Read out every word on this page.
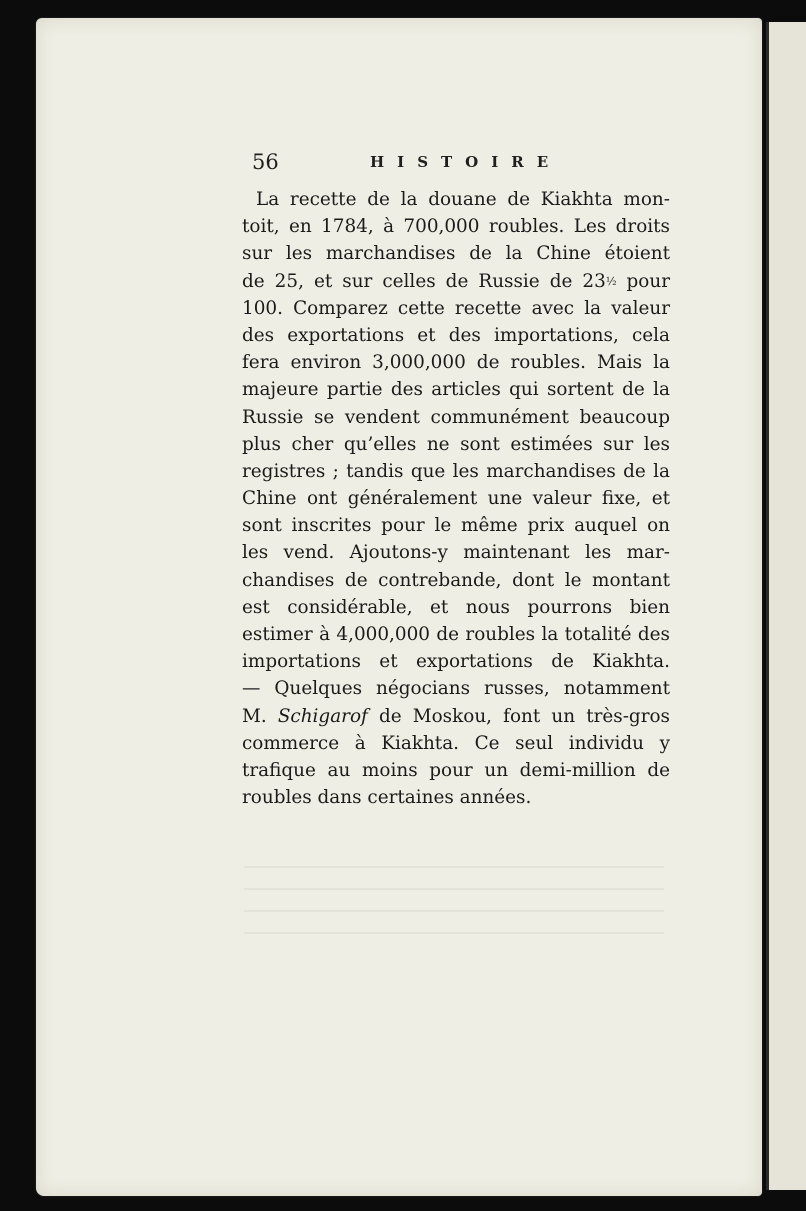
56	HISTOIRE
La recette de la douane de Kiakhta mon-
toit, en 1784, à 700,000 roubles. Les droits
sur les marchandises de la Chine étoient
de 25, et sur celles de Russie de 23½ pour
100. Comparez cette recette avec la valeur
des exportations et des importations, cela
fera environ 3,000,000 de roubles. Mais la
majeure partie des articles qui sortent de la
Russie se vendent communément beaucoup
plus cher qu’elles ne sont estimées sur les
registres ; tandis que les marchandises de la
Chine ont généralement une valeur fixe, et
sont inscrites pour le même prix auquel on
les vend. Ajoutons-y maintenant les mar-
chandises de contrebande, dont le montant
est considérable, et nous pourrons bien
estimer à 4,000,000 de roubles la totalité des
importations et exportations de Kiakhta.
— Quelques négocians russes, notamment
M. Schigarof de Moskou, font un très-gros
commerce à Kiakhta. Ce seul individu y
trafique au moins pour un demi-million de
roubles dans certaines années.
